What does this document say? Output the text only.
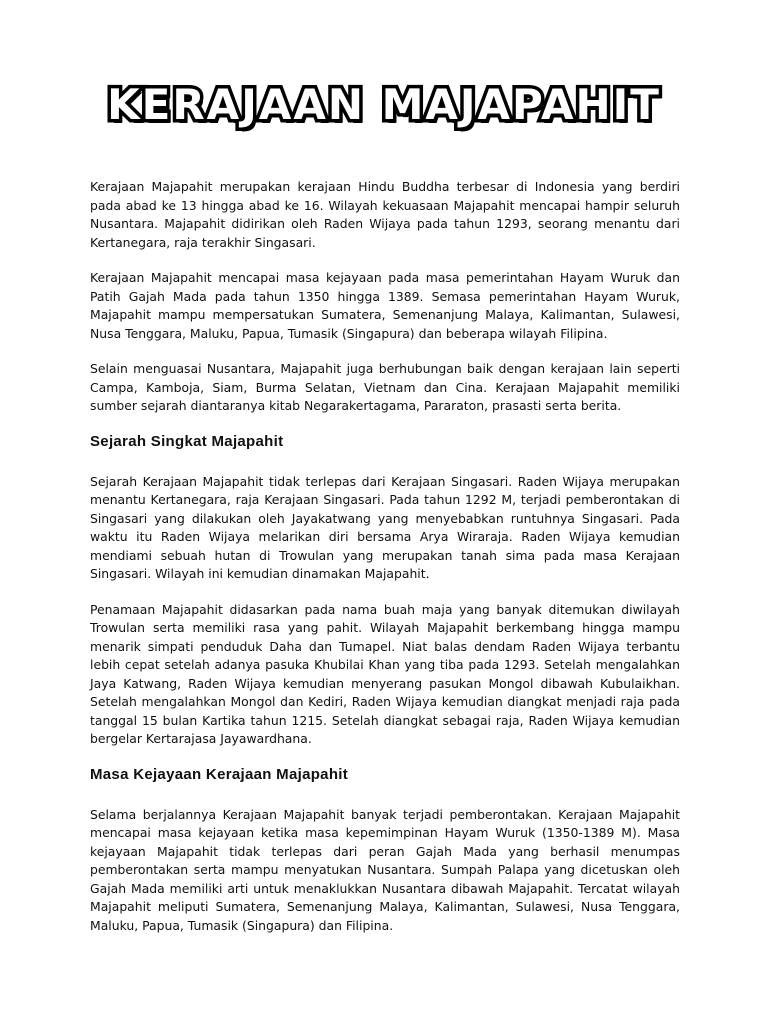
KERAJAAN MAJAPAHIT

Kerajaan Majapahit merupakan kerajaan Hindu Buddha terbesar di Indonesia yang berdiri pada abad ke 13 hingga abad ke 16. Wilayah kekuasaan Majapahit mencapai hampir seluruh Nusantara. Majapahit didirikan oleh Raden Wijaya pada tahun 1293, seorang menantu dari Kertanegara, raja terakhir Singasari.

Kerajaan Majapahit mencapai masa kejayaan pada masa pemerintahan Hayam Wuruk dan Patih Gajah Mada pada tahun 1350 hingga 1389. Semasa pemerintahan Hayam Wuruk, Majapahit mampu mempersatukan Sumatera, Semenanjung Malaya, Kalimantan, Sulawesi, Nusa Tenggara, Maluku, Papua, Tumasik (Singapura) dan beberapa wilayah Filipina.

Selain menguasai Nusantara, Majapahit juga berhubungan baik dengan kerajaan lain seperti Campa, Kamboja, Siam, Burma Selatan, Vietnam dan Cina. Kerajaan Majapahit memiliki sumber sejarah diantaranya kitab Negarakertagama, Pararaton, prasasti serta berita.

Sejarah Singkat Majapahit

Sejarah Kerajaan Majapahit tidak terlepas dari Kerajaan Singasari. Raden Wijaya merupakan menantu Kertanegara, raja Kerajaan Singasari. Pada tahun 1292 M, terjadi pemberontakan di Singasari yang dilakukan oleh Jayakatwang yang menyebabkan runtuhnya Singasari. Pada waktu itu Raden Wijaya melarikan diri bersama Arya Wiraraja. Raden Wijaya kemudian mendiami sebuah hutan di Trowulan yang merupakan tanah sima pada masa Kerajaan Singasari. Wilayah ini kemudian dinamakan Majapahit.

Penamaan Majapahit didasarkan pada nama buah maja yang banyak ditemukan diwilayah Trowulan serta memiliki rasa yang pahit. Wilayah Majapahit berkembang hingga mampu menarik simpati penduduk Daha dan Tumapel. Niat balas dendam Raden Wijaya terbantu lebih cepat setelah adanya pasuka Khubilai Khan yang tiba pada 1293. Setelah mengalahkan Jaya Katwang, Raden Wijaya kemudian menyerang pasukan Mongol dibawah Kubulaikhan. Setelah mengalahkan Mongol dan Kediri, Raden Wijaya kemudian diangkat menjadi raja pada tanggal 15 bulan Kartika tahun 1215. Setelah diangkat sebagai raja, Raden Wijaya kemudian bergelar Kertarajasa Jayawardhana.

Masa Kejayaan Kerajaan Majapahit

Selama berjalannya Kerajaan Majapahit banyak terjadi pemberontakan. Kerajaan Majapahit mencapai masa kejayaan ketika masa kepemimpinan Hayam Wuruk (1350-1389 M). Masa kejayaan Majapahit tidak terlepas dari peran Gajah Mada yang berhasil menumpas pemberontakan serta mampu menyatukan Nusantara. Sumpah Palapa yang dicetuskan oleh Gajah Mada memiliki arti untuk menaklukkan Nusantara dibawah Majapahit. Tercatat wilayah Majapahit meliputi Sumatera, Semenanjung Malaya, Kalimantan, Sulawesi, Nusa Tenggara, Maluku, Papua, Tumasik (Singapura) dan Filipina.
